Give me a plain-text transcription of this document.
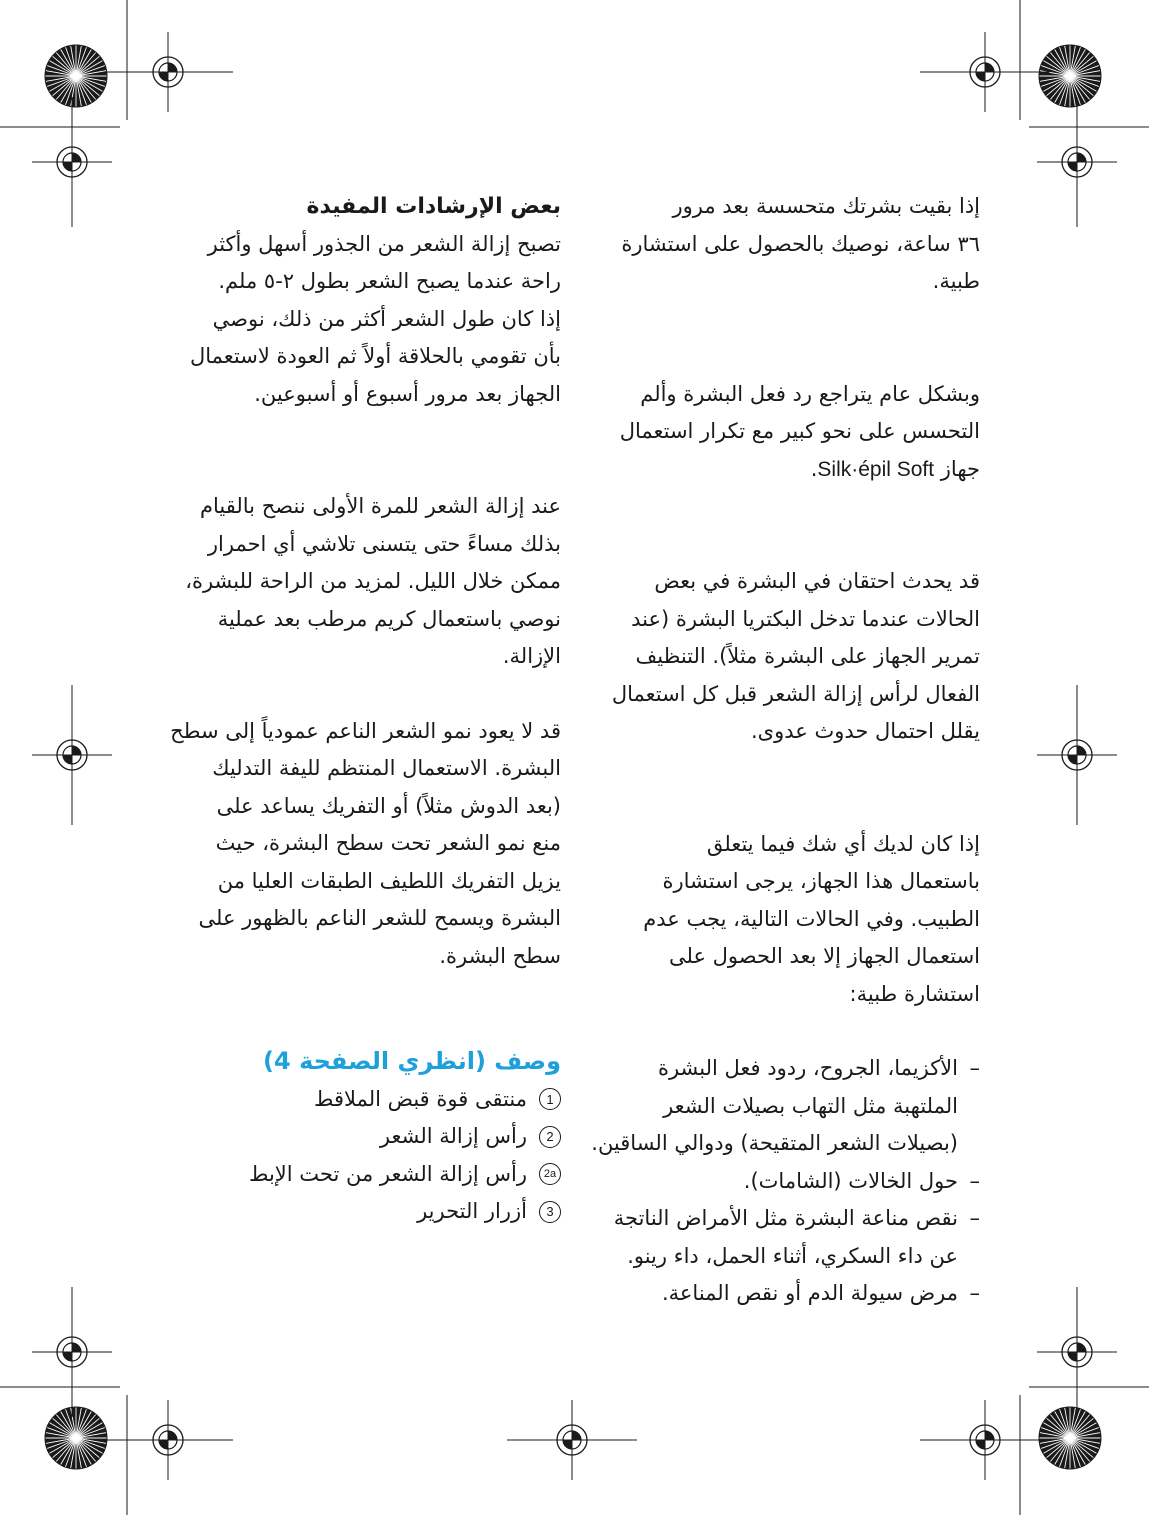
إذا بقيت بشرتك متحسسة بعد مرور
٣٦ ساعة، نوصيك بالحصول على استشارة
طبية.
وبشكل عام يتراجع رد فعل البشرة وألم
التحسس على نحو كبير مع تكرار استعمال
جهاز Silk·épil Soft.
قد يحدث احتقان في البشرة في بعض
الحالات عندما تدخل البكتريا البشرة (عند
تمرير الجهاز على البشرة مثلاً). التنظيف
الفعال لرأس إزالة الشعر قبل كل استعمال
يقلل احتمال حدوث عدوى.
إذا كان لديك أي شك فيما يتعلق
باستعمال هذا الجهاز، يرجى استشارة
الطبيب. وفي الحالات التالية، يجب عدم
استعمال الجهاز إلا بعد الحصول على
استشارة طبية:
–
الأكزيما، الجروح، ردود فعل البشرة
الملتهبة مثل التهاب بصيلات الشعر
(بصيلات الشعر المتقيحة) ودوالي الساقين.
–
حول الخالات (الشامات).
–
نقص مناعة البشرة مثل الأمراض الناتجة
عن داء السكري، أثناء الحمل، داء رينو.
–
مرض سيولة الدم أو نقص المناعة.
بعض الإرشادات المفيدة
تصبح إزالة الشعر من الجذور أسهل وأكثر
راحة عندما يصبح الشعر بطول ٢-٥ ملم.
إذا كان طول الشعر أكثر من ذلك، نوصي
بأن تقومي بالحلاقة أولاً ثم العودة لاستعمال
الجهاز بعد مرور أسبوع أو أسبوعين.
عند إزالة الشعر للمرة الأولى ننصح بالقيام
بذلك مساءً حتى يتسنى تلاشي أي احمرار
ممكن خلال الليل. لمزيد من الراحة للبشرة،
نوصي باستعمال كريم مرطب بعد عملية
الإزالة.
قد لا يعود نمو الشعر الناعم عمودياً إلى سطح
البشرة. الاستعمال المنتظم لليفة التدليك
(بعد الدوش مثلاً) أو التفريك يساعد على
منع نمو الشعر تحت سطح البشرة، حيث
يزيل التفريك اللطيف الطبقات العليا من
البشرة ويسمح للشعر الناعم بالظهور على
سطح البشرة.
وصف (انظري الصفحة 4)
1
منتقى قوة قبض الملاقط
2
رأس إزالة الشعر
2a
رأس إزالة الشعر من تحت الإبط
3
أزرار التحرير
